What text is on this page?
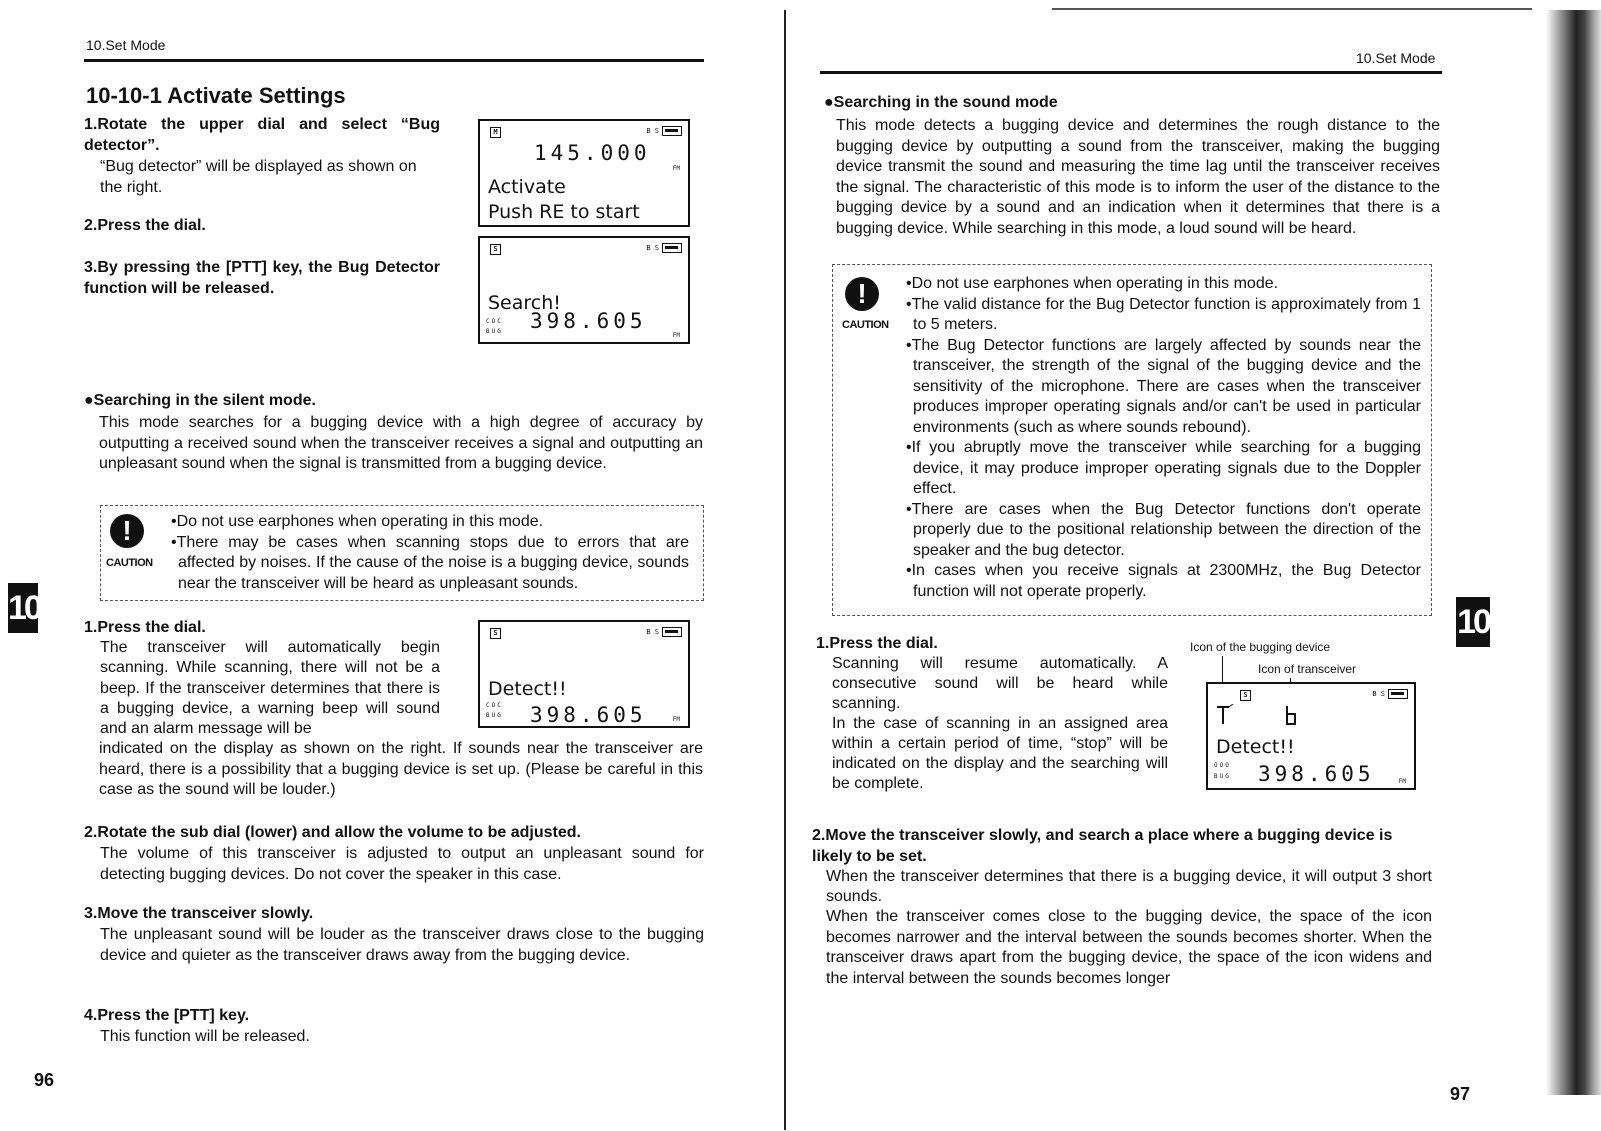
10.Set Mode
10-10-1 Activate Settings
1.Rotate the upper dial and select “Bug detector”.
“Bug detector” will be displayed as shown on the right.
2.Press the dial.
3.By pressing the [PTT] key, the Bug Detector function will be released.
M	B S
145.000
FM
Activate
Push RE to start
S	B S
Search!
COC
BUG 398.605
FM
●Searching in the silent mode.
This mode searches for a bugging device with a high degree of accuracy by outputting a received sound when the transceiver receives a signal and outputting an unpleasant sound when the signal is transmitted from a bugging device.
!
CAUTION
•Do not use earphones when operating in this mode.
•There may be cases when scanning stops due to errors that are affected by noises. If the cause of the noise is a bugging device, sounds near the transceiver will be heard as unpleasant sounds.
1.Press the dial.
The transceiver will automatically begin scanning. While scanning, there will not be a beep. If the transceiver determines that there is a bugging device, a warning beep will sound and an alarm message will be
indicated on the display as shown on the right. If sounds near the transceiver are heard, there is a possibility that a bugging device is set up. (Please be careful in this case as the sound will be louder.)
S	B S
Detect!!
COC
BUG 398.605	FM
2.Rotate the sub dial (lower) and allow the volume to be adjusted.
The volume of this transceiver is adjusted to output an unpleasant sound for detecting bugging devices. Do not cover the speaker in this case.
3.Move the transceiver slowly.
The unpleasant sound will be louder as the transceiver draws close to the bugging device and quieter as the transceiver draws away from the bugging device.
4.Press the [PTT] key.
This function will be released.
10
96
10.Set Mode
●Searching in the sound mode
This mode detects a bugging device and determines the rough distance to the bugging device by outputting a sound from the transceiver, making the bugging device transmit the sound and measuring the time lag until the transceiver receives the signal. The characteristic of this mode is to inform the user of the distance to the bugging device by a sound and an indication when it determines that there is a bugging device. While searching in this mode, a loud sound will be heard.
!
CAUTION
•Do not use earphones when operating in this mode.
•The valid distance for the Bug Detector function is approximately from 1 to 5 meters.
•The Bug Detector functions are largely affected by sounds near the transceiver, the strength of the signal of the bugging device and the sensitivity of the microphone. There are cases when the transceiver produces improper operating signals and/or can't be used in particular environments (such as where sounds rebound).
•If you abruptly move the transceiver while searching for a bugging device, it may produce improper operating signals due to the Doppler effect.
•There are cases when the Bug Detector functions don't operate properly due to the positional relationship between the direction of the speaker and the bug detector.
•In cases when you receive signals at 2300MHz, the Bug Detector function will not operate properly.
1.Press the dial.
Scanning will resume automatically. A consecutive sound will be heard while scanning.
In the case of scanning in an assigned area within a certain period of time, “stop” will be indicated on the display and the searching will be complete.
Icon of the bugging device
Icon of transceiver
S	B S
Detect!!
OOO
BUG 398.605	FM
2.Move the transceiver slowly, and search a place where a bugging device is likely to be set.
When the transceiver determines that there is a bugging device, it will output 3 short sounds.
When the transceiver comes close to the bugging device, the space of the icon becomes narrower and the interval between the sounds becomes shorter. When the transceiver draws apart from the bugging device, the space of the icon widens and the interval between the sounds becomes longer
10
97
